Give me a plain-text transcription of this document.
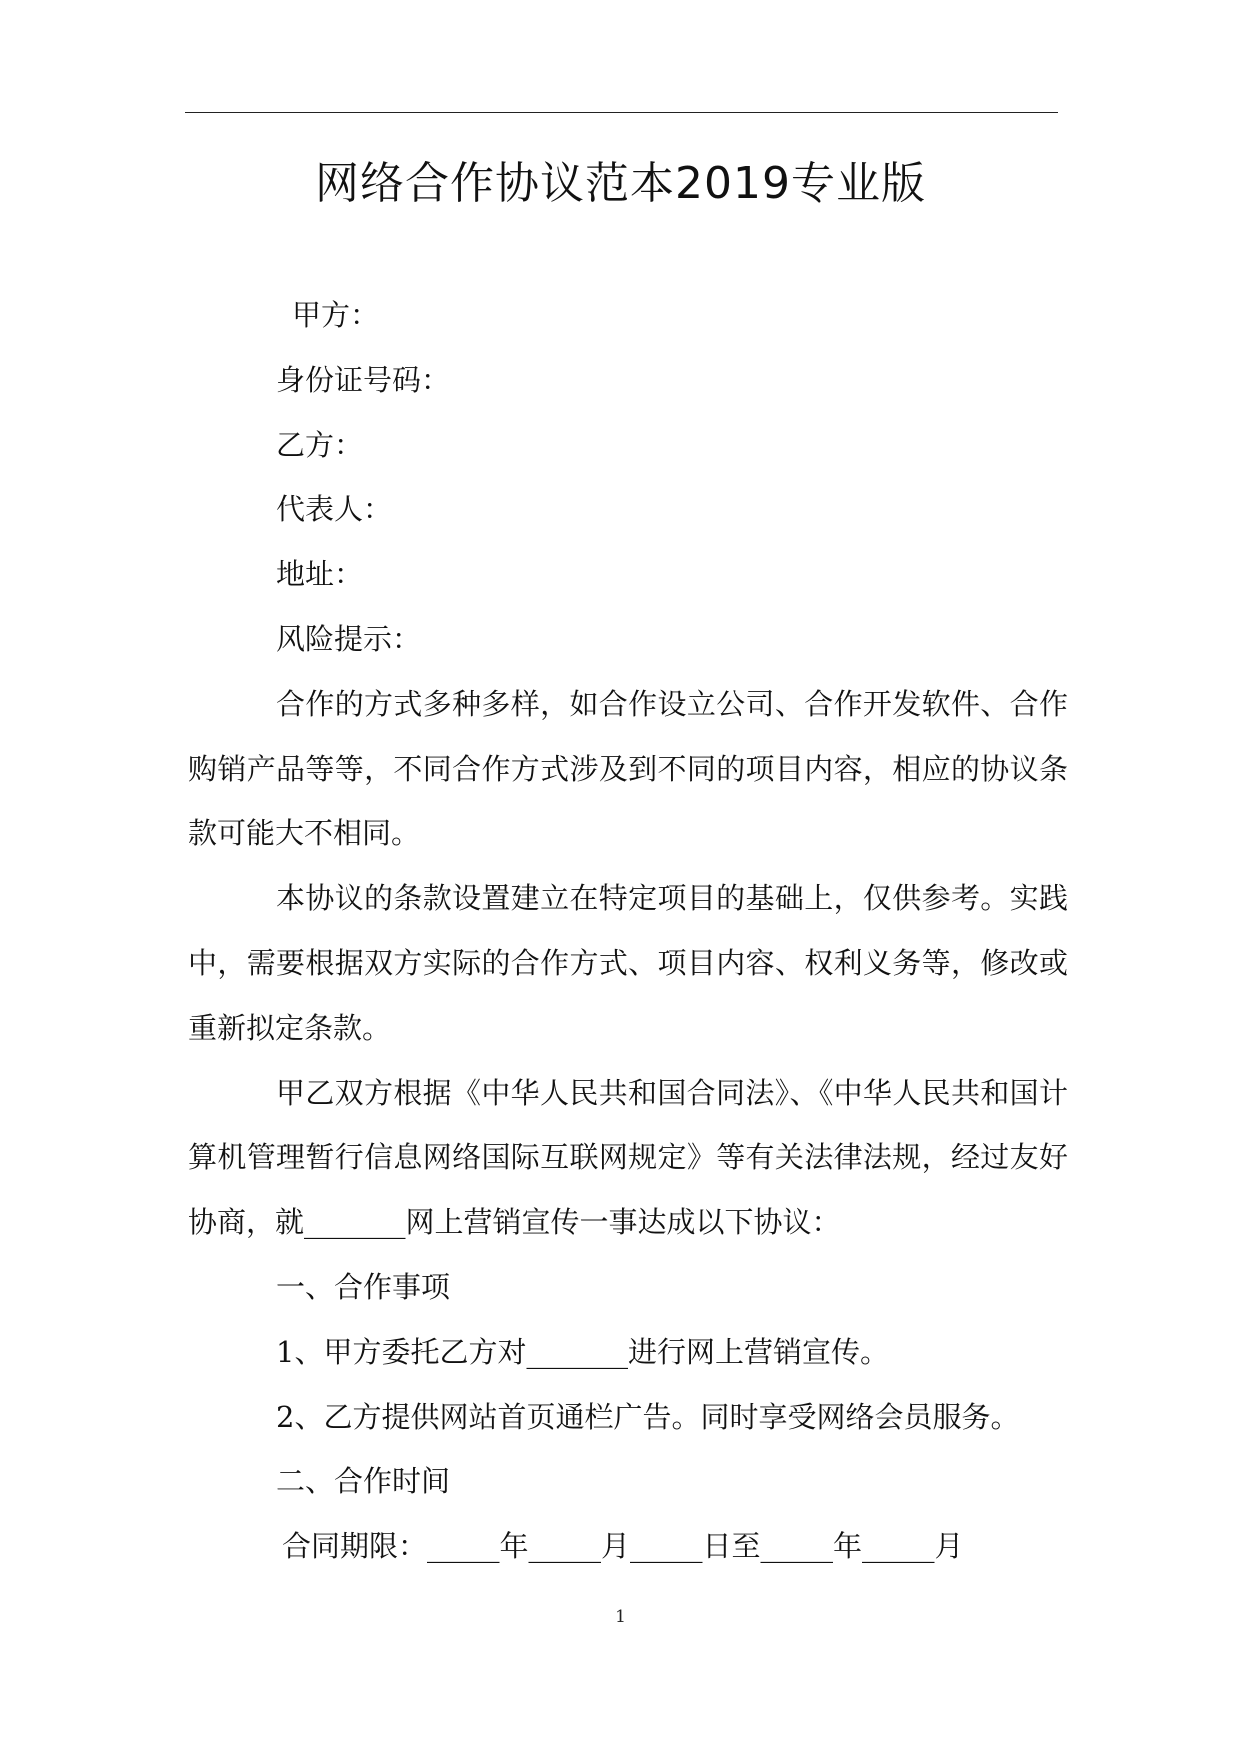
网络合作协议范本2019专业版
甲方：
身份证号码：
乙方：
代表人：
地址：
风险提示：
合作的方式多种多样，如合作设立公司、合作开发软件、合作
购销产品等等，不同合作方式涉及到不同的项目内容，相应的协议条
款可能大不相同。
本协议的条款设置建立在特定项目的基础上，仅供参考。实践
中，需要根据双方实际的合作方式、项目内容、权利义务等，修改或
重新拟定条款。
甲乙双方根据《中华人民共和国合同法》、《中华人民共和国计
算机管理暂行信息网络国际互联网规定》等有关法律法规，经过友好
协商，就_______网上营销宣传一事达成以下协议：
一、合作事项
1、甲方委托乙方对_______进行网上营销宣传。
2、乙方提供网站首页通栏广告。同时享受网络会员服务。
二、合作时间
合同期限：_____年_____月_____日至_____年_____月
1
